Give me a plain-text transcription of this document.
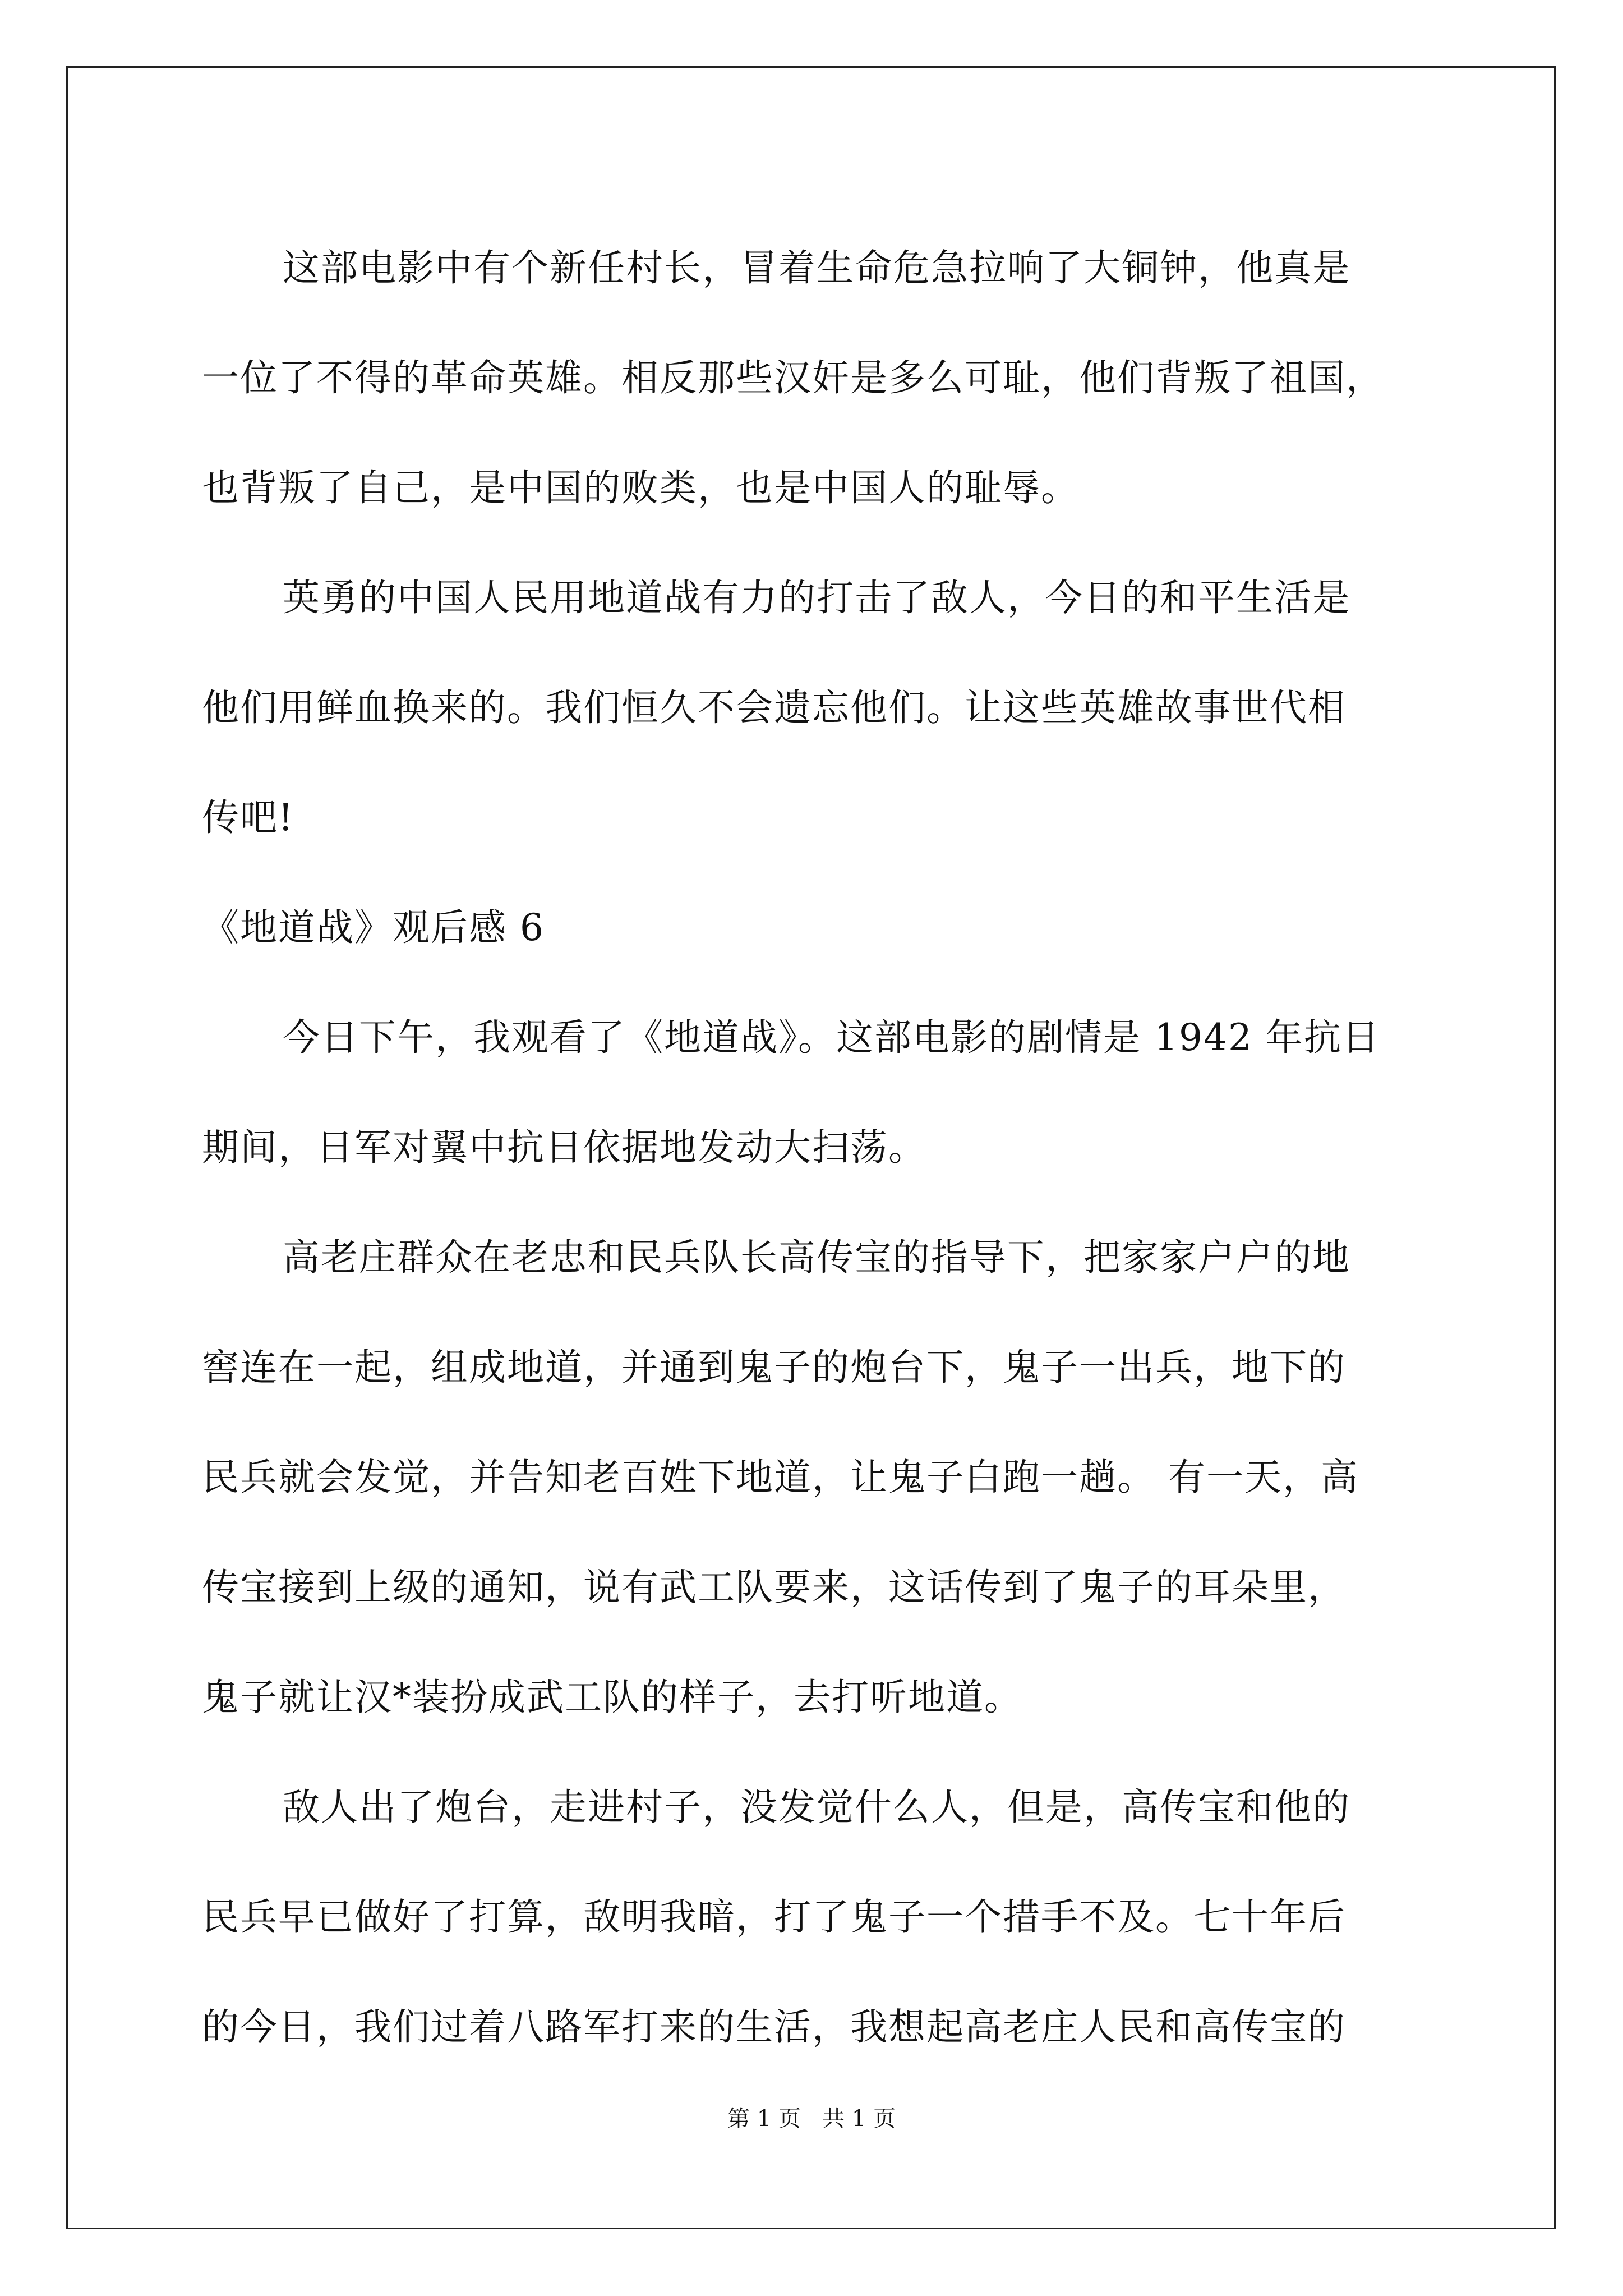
这部电影中有个新任村长，冒着生命危急拉响了大铜钟，他真是
一位了不得的革命英雄。相反那些汉奸是多么可耻，他们背叛了祖国，
也背叛了自己，是中国的败类，也是中国人的耻辱。
英勇的中国人民用地道战有力的打击了敌人，今日的和平生活是
他们用鲜血换来的。我们恒久不会遗忘他们。让这些英雄故事世代相
传吧!
《地道战》观后感 6
今日下午，我观看了《地道战》。这部电影的剧情是 1942 年抗日
期间，日军对翼中抗日依据地发动大扫荡。
高老庄群众在老忠和民兵队长高传宝的指导下，把家家户户的地
窖连在一起，组成地道，并通到鬼子的炮台下，鬼子一出兵，地下的
民兵就会发觉，并告知老百姓下地道，让鬼子白跑一趟。 有一天，高
传宝接到上级的通知，说有武工队要来，这话传到了鬼子的耳朵里，
鬼子就让汉*装扮成武工队的样子，去打听地道。
敌人出了炮台，走进村子，没发觉什么人，但是，高传宝和他的
民兵早已做好了打算，敌明我暗，打了鬼子一个措手不及。七十年后
的今日，我们过着八路军打来的生活，我想起高老庄人民和高传宝的
第 1 页   共 1 页
